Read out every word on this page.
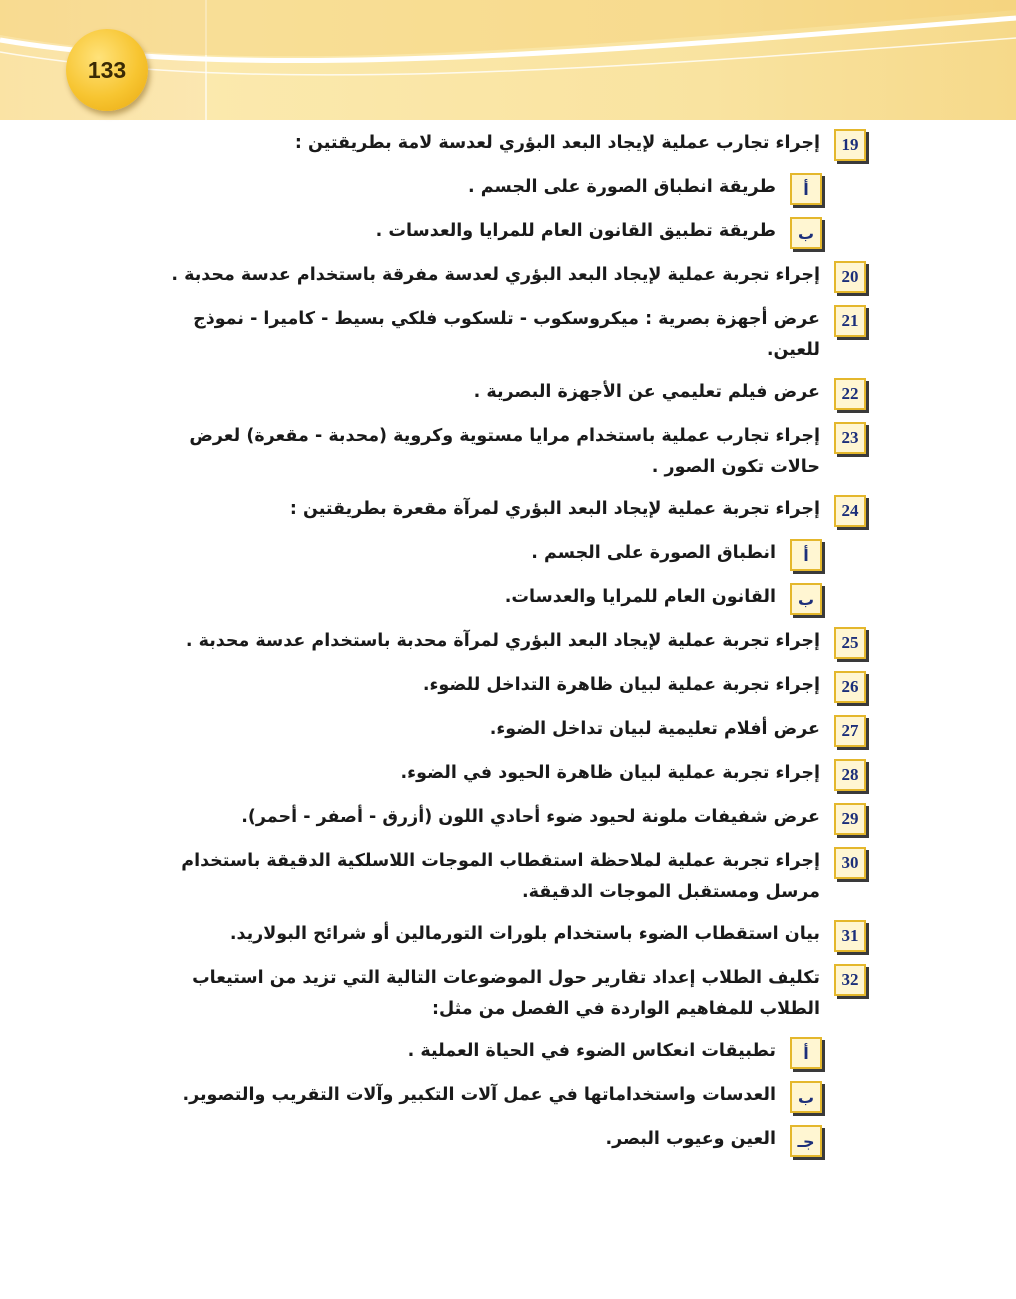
133
19
إجراء تجارب عملية لإيجاد البعد البؤري لعدسة لامة بطريقتين :
أ
طريقة انطباق الصورة على الجسم .
ب
طريقة تطبيق القانون العام للمرايا والعدسات .
20
إجراء تجربة عملية لإيجاد البعد البؤري لعدسة مفرقة باستخدام عدسة محدبة .
21
عرض أجهزة بصرية : ميكروسكوب - تلسكوب فلكي بسيط - كاميرا - نموذج للعين.
22
عرض فيلم تعليمي عن الأجهزة البصرية .
23
إجراء تجارب عملية باستخدام مرايا مستوية وكروية (محدبة - مقعرة) لعرض حالات تكون الصور .
24
إجراء تجربة عملية لإيجاد البعد البؤري لمرآة مقعرة بطريقتين :
أ
انطباق الصورة على الجسم .
ب
القانون العام للمرايا والعدسات.
25
إجراء تجربة عملية لإيجاد البعد البؤري لمرآة محدبة باستخدام عدسة محدبة .
26
إجراء تجربة عملية لبيان ظاهرة التداخل للضوء.
27
عرض أفلام تعليمية لبيان تداخل الضوء.
28
إجراء تجربة عملية لبيان ظاهرة الحيود في الضوء.
29
عرض شفيفات ملونة لحيود ضوء أحادي اللون (أزرق - أصفر - أحمر).
30
إجراء تجربة عملية لملاحظة استقطاب الموجات اللاسلكية الدقيقة باستخدام مرسل ومستقبل الموجات الدقيقة.
31
بيان استقطاب الضوء باستخدام بلورات التورمالين أو شرائح البولاريد.
32
تكليف الطلاب إعداد تقارير حول الموضوعات التالية التي تزيد من استيعاب الطلاب للمفاهيم الواردة في الفصل من مثل:
أ
تطبيقات انعكاس الضوء في الحياة العملية .
ب
العدسات واستخداماتها في عمل آلات التكبير وآلات التقريب والتصوير.
جـ
العين وعيوب البصر.
